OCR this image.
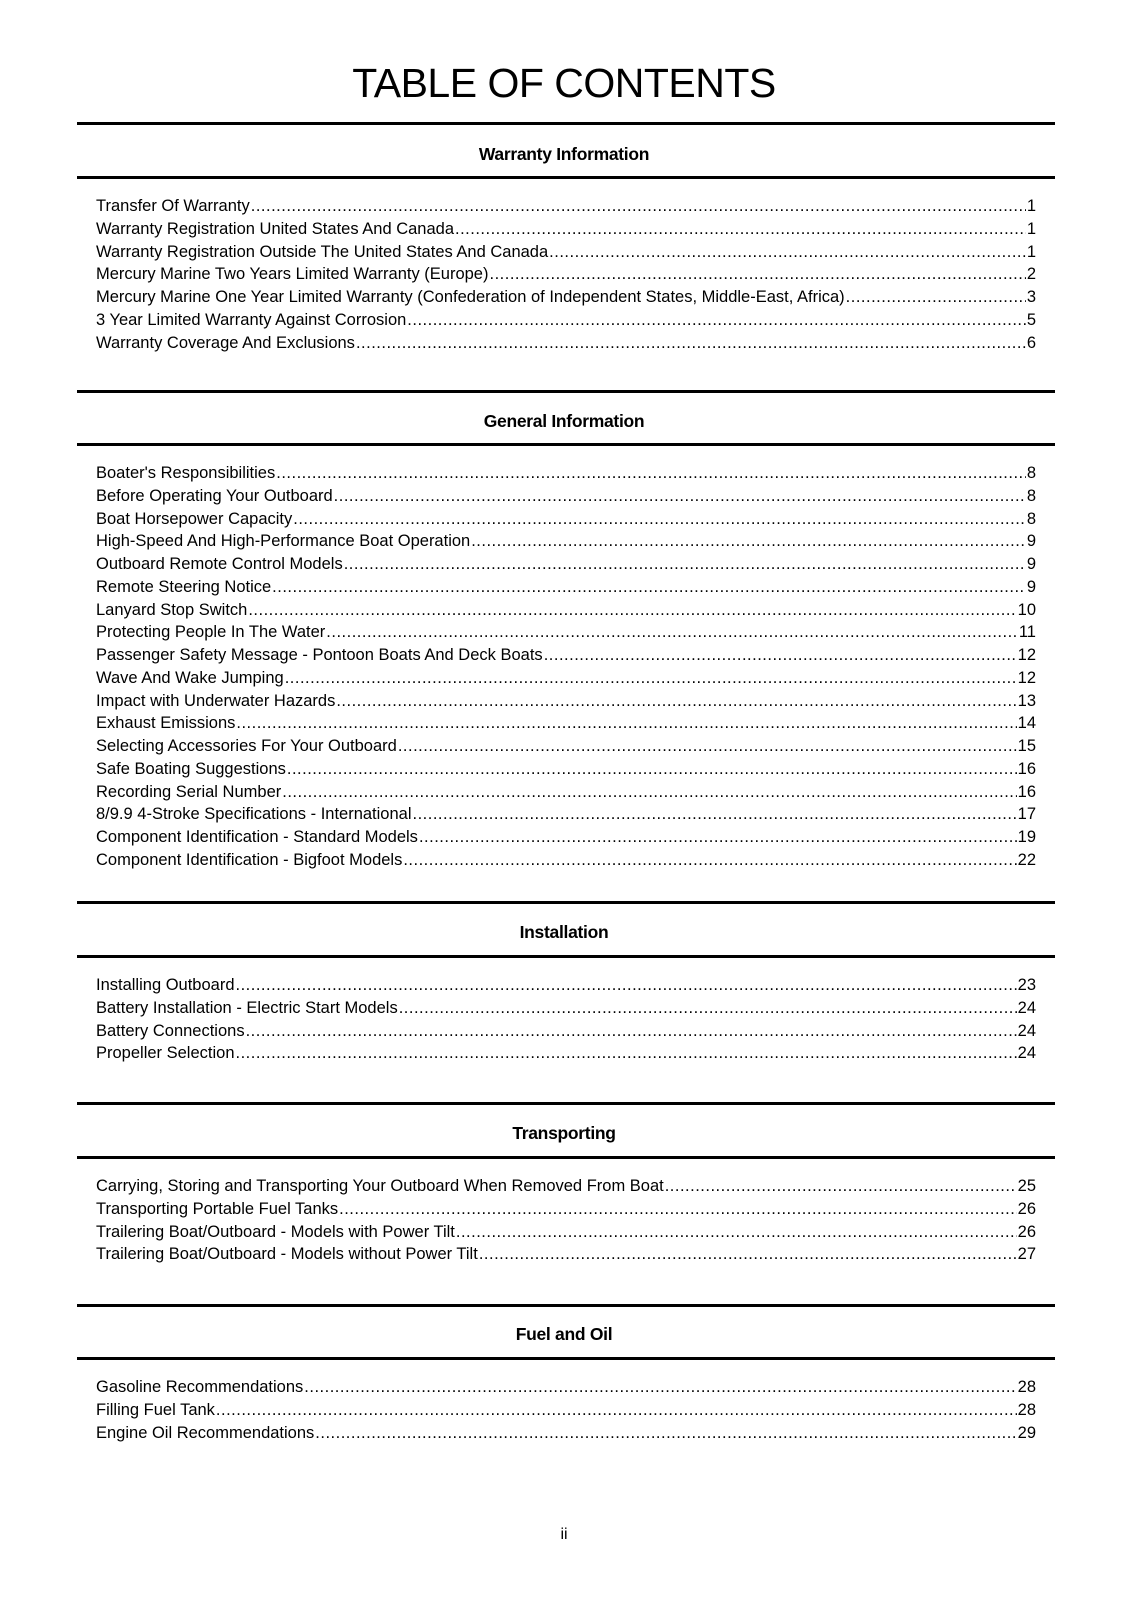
TABLE OF CONTENTS
Warranty Information
Transfer Of Warranty .....	1
Warranty Registration United States And Canada .....	1
Warranty Registration Outside The United States And Canada .....	1
Mercury Marine Two Years Limited Warranty (Europe) .....	2
Mercury Marine One Year Limited Warranty (Confederation of Independent States, Middle-East, Africa) .....	3
3 Year Limited Warranty Against Corrosion .....	5
Warranty Coverage And Exclusions .....	6
General Information
Boater's Responsibilities .....	8
Before Operating Your Outboard .....	8
Boat Horsepower Capacity .....	8
High-Speed And High-Performance Boat Operation .....	9
Outboard Remote Control Models .....	9
Remote Steering Notice .....	9
Lanyard Stop Switch .....	10
Protecting People In The Water .....	11
Passenger Safety Message - Pontoon Boats And Deck Boats .....	12
Wave And Wake Jumping .....	12
Impact with Underwater Hazards .....	13
Exhaust Emissions .....	14
Selecting Accessories For Your Outboard .....	15
Safe Boating Suggestions .....	16
Recording Serial Number .....	16
8/9.9 4-Stroke Specifications - International .....	17
Component Identification - Standard Models .....	19
Component Identification - Bigfoot Models .....	22
Installation
Installing Outboard .....	23
Battery Installation - Electric Start Models .....	24
Battery Connections .....	24
Propeller Selection .....	24
Transporting
Carrying, Storing and Transporting Your Outboard When Removed From Boat .....	25
Transporting Portable Fuel Tanks .....	26
Trailering Boat/Outboard - Models with Power Tilt .....	26
Trailering Boat/Outboard - Models without Power Tilt .....	27
Fuel and Oil
Gasoline Recommendations .....	28
Filling Fuel Tank .....	28
Engine Oil Recommendations .....	29
ii
